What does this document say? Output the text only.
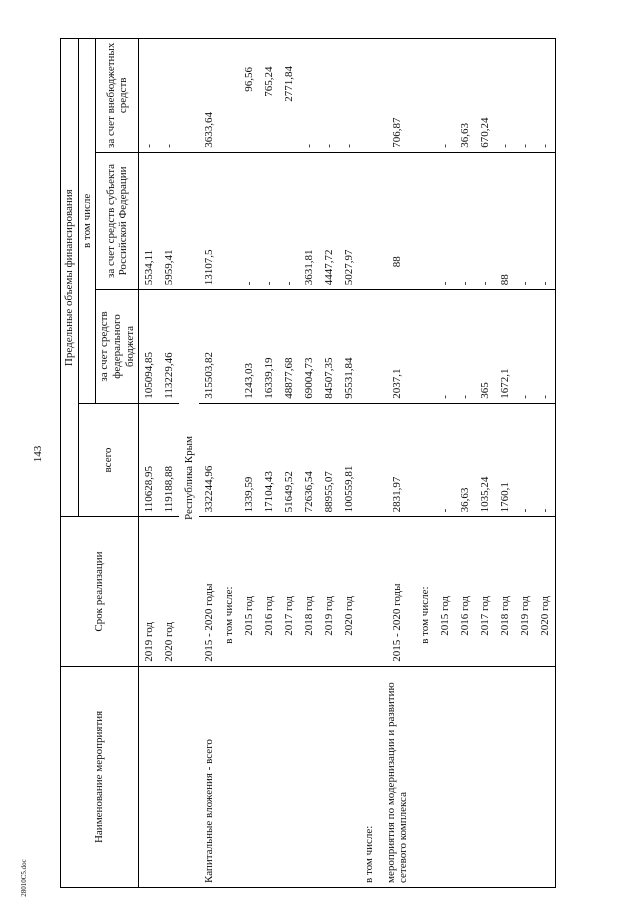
143
28010C5.doc
Наименование мероприятия	Срок реализации	Предельные объемы финансирования			
		всего	в том числе		
			за счет средств федерального бюджета	за счет средств субъекта Российской Федерации	за счет внебюджетных средств
	2019 год	110628,95	105094,85	5534,11	-
	2020 год	119188,88	113229,46	5959,41	-
	Республика Крым				
Капитальные вложения - всего	2015 - 2020 годы	332244,96	315503,82	13107,5	3633,64
	в том числе:				
	2015 год	1339,59	1243,03	-	96,56
	2016 год	17104,43	16339,19	-	765,24
	2017 год	51649,52	48877,68	-	2771,84
	2018 год	72636,54	69004,73	3631,81	-
	2019 год	88955,07	84507,35	4447,72	-
	2020 год	100559,81	95531,84	5027,97	-
в том числе:					
мероприятия по модернизации и развитию сетевого комплекса	2015 - 2020 годы	2831,97	2037,1	88	706,87
	в том числе:				
	2015 год	-	-	-	-
	2016 год	36,63	-	-	36,63
	2017 год	1035,24	365	-	670,24
	2018 год	1760,1	1672,1	88	-
	2019 год	-	-	-	-
	2020 год	-	-	-	-
